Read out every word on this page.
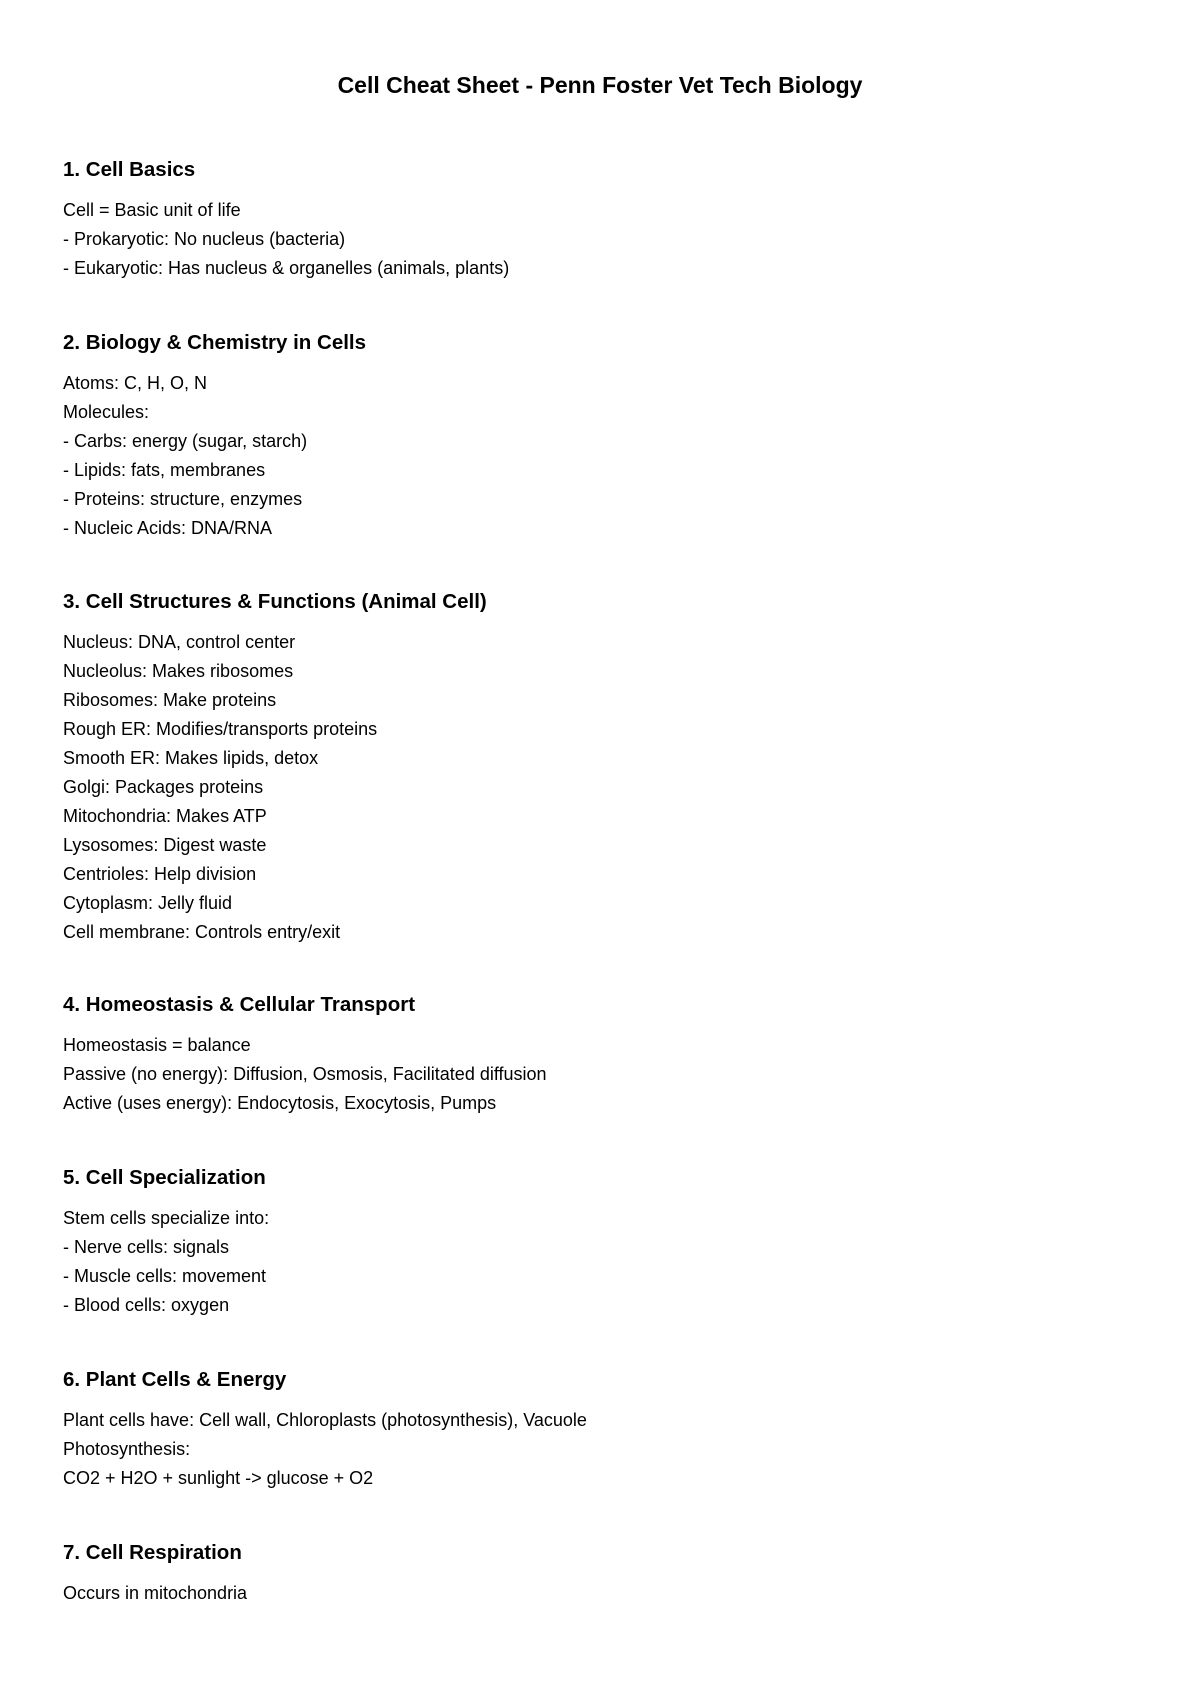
Cell Cheat Sheet - Penn Foster Vet Tech Biology
1. Cell Basics

Cell = Basic unit of life

- Prokaryotic: No nucleus (bacteria)

- Eukaryotic: Has nucleus & organelles (animals, plants)

2. Biology & Chemistry in Cells

Atoms: C, H, O, N

Molecules:

- Carbs: energy (sugar, starch)

- Lipids: fats, membranes

- Proteins: structure, enzymes

- Nucleic Acids: DNA/RNA

3. Cell Structures & Functions (Animal Cell)

Nucleus: DNA, control center

Nucleolus: Makes ribosomes

Ribosomes: Make proteins

Rough ER: Modifies/transports proteins

Smooth ER: Makes lipids, detox

Golgi: Packages proteins

Mitochondria: Makes ATP

Lysosomes: Digest waste

Centrioles: Help division

Cytoplasm: Jelly fluid

Cell membrane: Controls entry/exit

4. Homeostasis & Cellular Transport

Homeostasis = balance

Passive (no energy): Diffusion, Osmosis, Facilitated diffusion

Active (uses energy): Endocytosis, Exocytosis, Pumps

5. Cell Specialization

Stem cells specialize into:

- Nerve cells: signals

- Muscle cells: movement

- Blood cells: oxygen

6. Plant Cells & Energy

Plant cells have: Cell wall, Chloroplasts (photosynthesis), Vacuole

Photosynthesis:

CO2 + H2O + sunlight -> glucose + O2

7. Cell Respiration

Occurs in mitochondria
